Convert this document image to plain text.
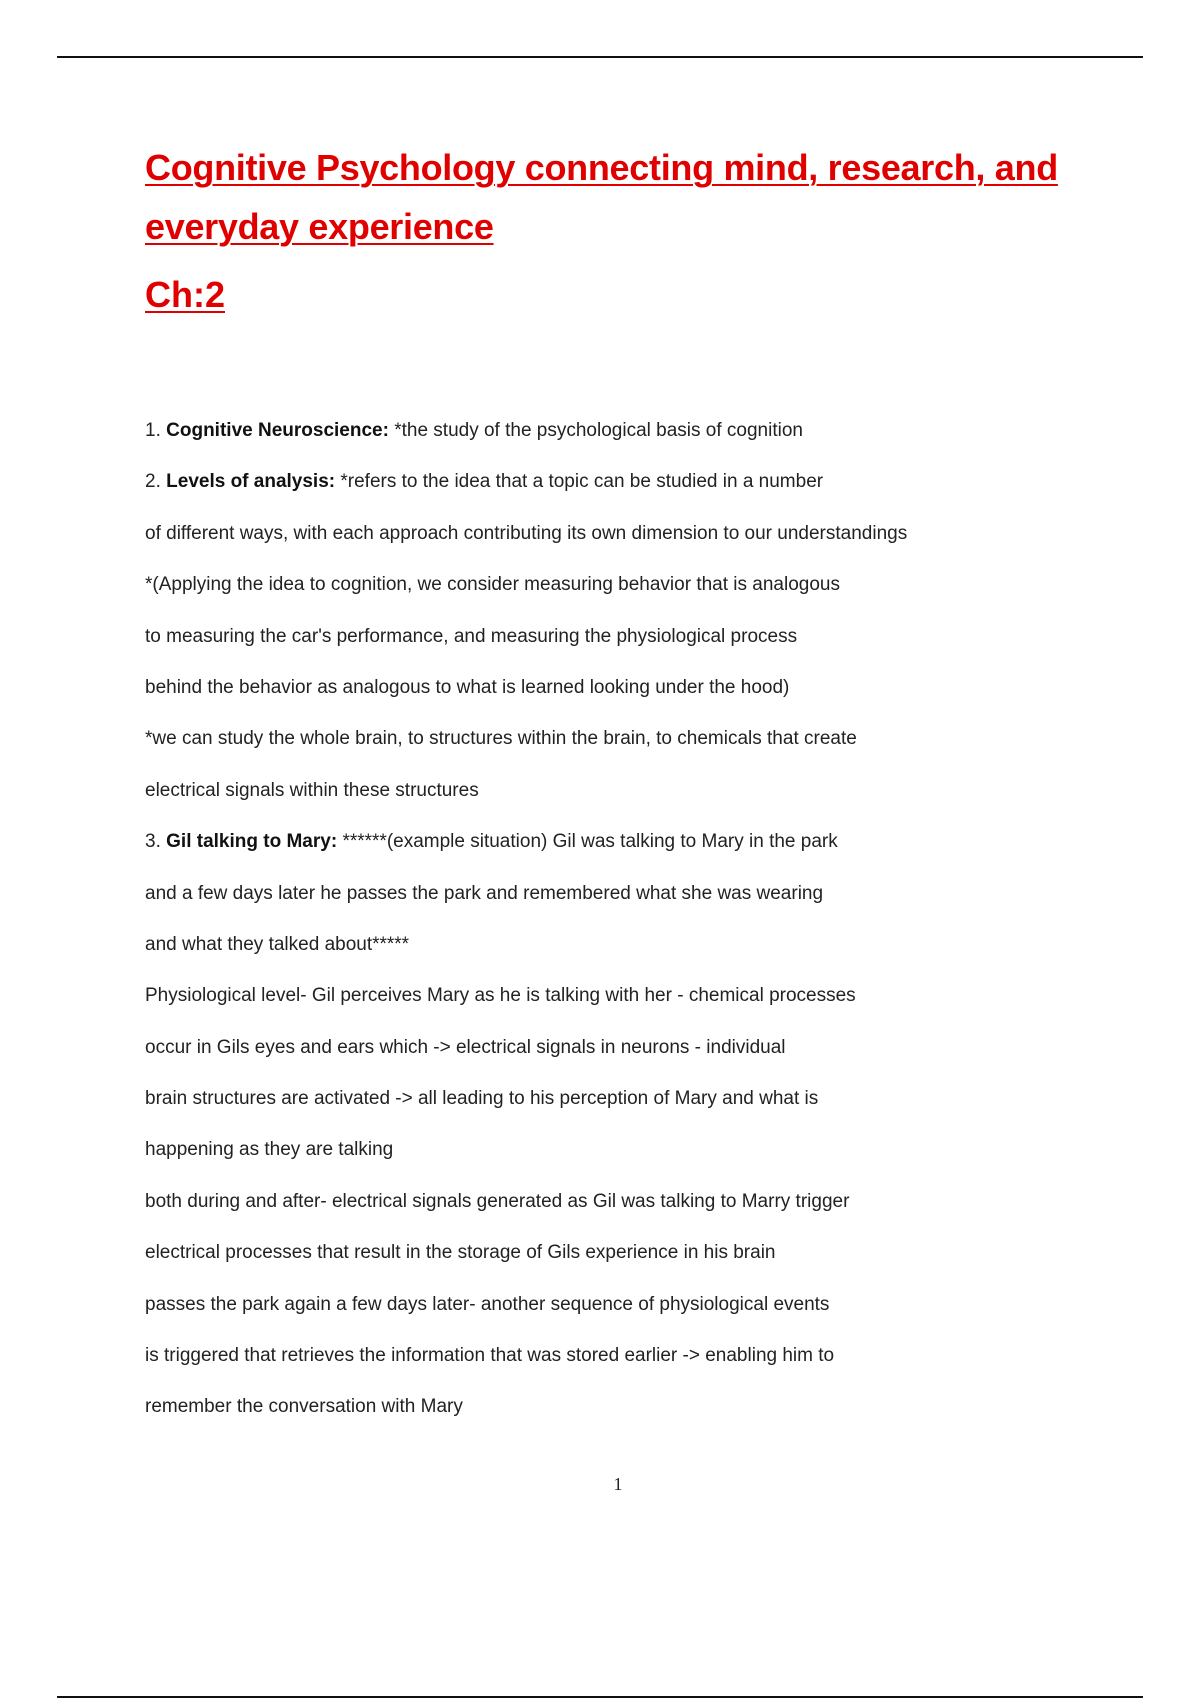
Cognitive Psychology connecting mind, research, and
everyday experience
Ch:2
1. Cognitive Neuroscience: *the study of the psychological basis of cognition
2. Levels of analysis: *refers to the idea that a topic can be studied in a number
of different ways, with each approach contributing its own dimension to our understandings
*(Applying the idea to cognition, we consider measuring behavior that is analogous
to measuring the car's performance, and measuring the physiological process
behind the behavior as analogous to what is learned looking under the hood)
*we can study the whole brain, to structures within the brain, to chemicals that create
electrical signals within these structures
3. Gil talking to Mary: ******(example situation) Gil was talking to Mary in the park
and a few days later he passes the park and remembered what she was wearing
and what they talked about*****
Physiological level- Gil perceives Mary as he is talking with her - chemical processes
occur in Gils eyes and ears which -> electrical signals in neurons - individual
brain structures are activated -> all leading to his perception of Mary and what is
happening as they are talking
both during and after- electrical signals generated as Gil was talking to Marry trigger
electrical processes that result in the storage of Gils experience in his brain
passes the park again a few days later- another sequence of physiological events
is triggered that retrieves the information that was stored earlier -> enabling him to
remember the conversation with Mary
1
